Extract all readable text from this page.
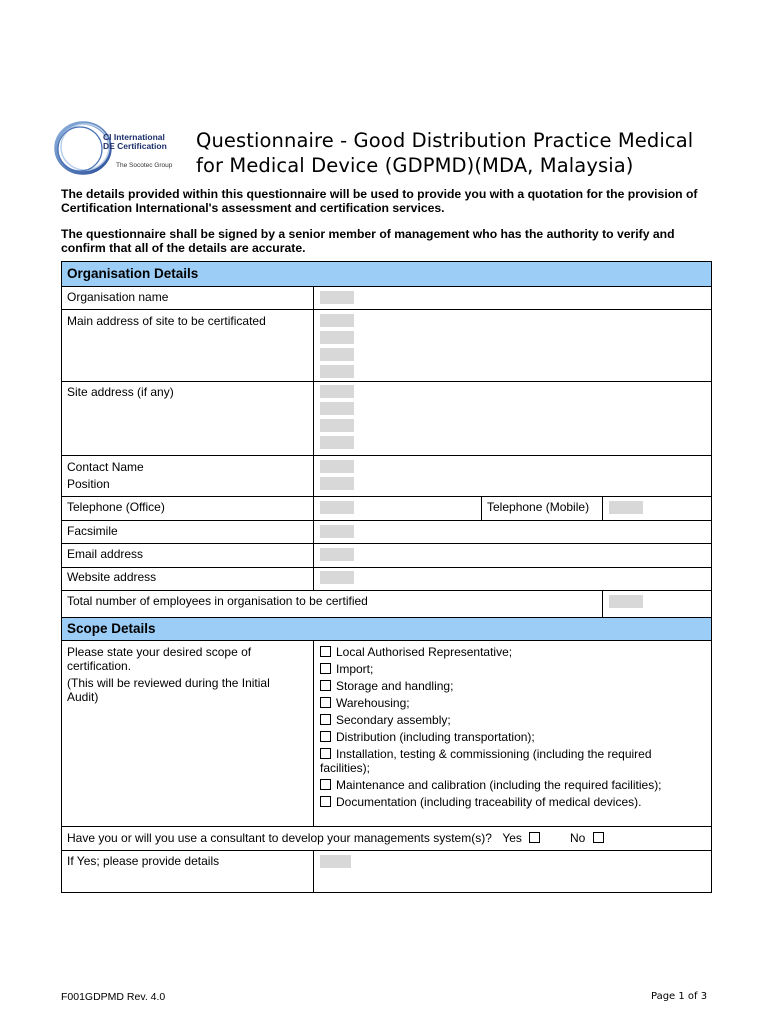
CI International
DE Certification
The Socotec Group
Questionnaire - Good Distribution Practice Medical
for Medical Device (GDPMD)(MDA, Malaysia)
The details provided within this questionnaire will be used to provide you with a quotation for the provision of Certification International's assessment and certification services.
The questionnaire shall be signed by a senior member of management who has the authority to verify and confirm that all of the details are accurate.
Organisation Details
Organisation name
Main address of site to be certificated
Site address (if any)
Contact Name
Position
Telephone (Office)	Telephone (Mobile)
Facsimile
Email address
Website address
Total number of employees in organisation to be certified
Scope Details
Please state your desired scope of
certification.
(This will be reviewed during the Initial
Audit)
Local Authorised Representative;
Import;
Storage and handling;
Warehousing;
Secondary assembly;
Distribution (including transportation);
Installation, testing & commissioning (including the required
facilities);
Maintenance and calibration (including the required facilities);
Documentation (including traceability of medical devices).
Have you or will you use a consultant to develop your managements system(s)? Yes	No
If Yes; please provide details
F001GDPMD Rev. 4.0	Page 1 of 3
